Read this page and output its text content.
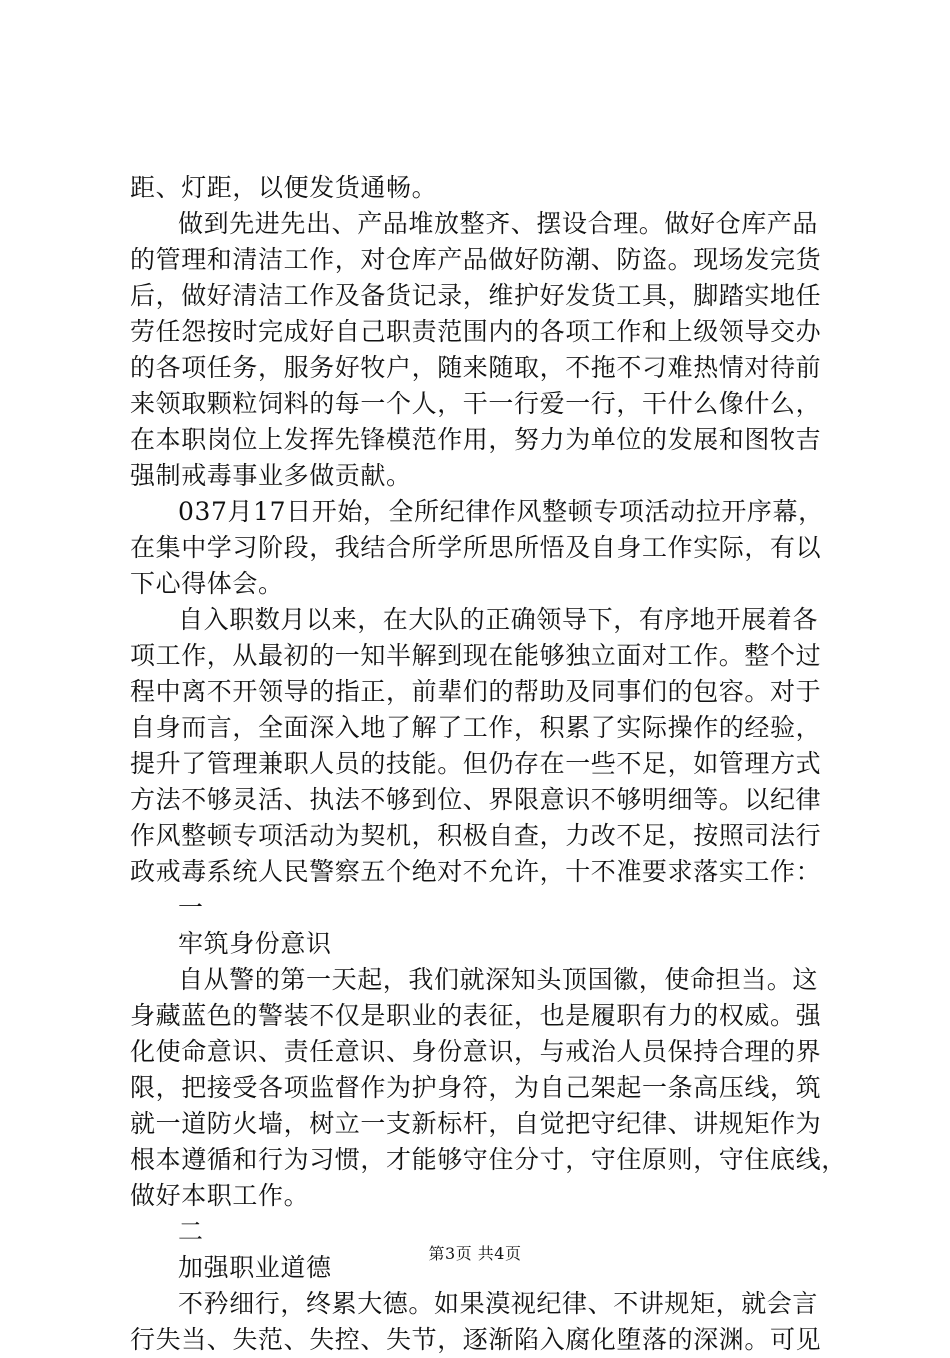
距、灯距，以便发货通畅。
做到先进先出、产品堆放整齐、摆设合理。做好仓库产品
的管理和清洁工作，对仓库产品做好防潮、防盗。现场发完货
后，做好清洁工作及备货记录，维护好发货工具，脚踏实地任
劳任怨按时完成好自己职责范围内的各项工作和上级领导交办
的各项任务，服务好牧户，随来随取，不拖不刁难热情对待前
来领取颗粒饲料的每一个人，干一行爱一行，干什么像什么，
在本职岗位上发挥先锋模范作用，努力为单位的发展和图牧吉
强制戒毒事业多做贡献。
037月17日开始，全所纪律作风整顿专项活动拉开序幕，
在集中学习阶段，我结合所学所思所悟及自身工作实际，有以
下心得体会。
自入职数月以来，在大队的正确领导下，有序地开展着各
项工作，从最初的一知半解到现在能够独立面对工作。整个过
程中离不开领导的指正，前辈们的帮助及同事们的包容。对于
自身而言，全面深入地了解了工作，积累了实际操作的经验，
提升了管理兼职人员的技能。但仍存在一些不足，如管理方式
方法不够灵活、执法不够到位、界限意识不够明细等。以纪律
作风整顿专项活动为契机，积极自查，力改不足，按照司法行
政戒毒系统人民警察五个绝对不允许，十不准要求落实工作：
一
牢筑身份意识
自从警的第一天起，我们就深知头顶国徽，使命担当。这
身藏蓝色的警装不仅是职业的表征，也是履职有力的权威。强
化使命意识、责任意识、身份意识，与戒治人员保持合理的界
限，把接受各项监督作为护身符，为自己架起一条高压线，筑
就一道防火墙，树立一支新标杆，自觉把守纪律、讲规矩作为
根本遵循和行为习惯，才能够守住分寸，守住原则，守住底线，
做好本职工作。
二
加强职业道德
不矜细行，终累大德。如果漠视纪律、不讲规矩，就会言
行失当、失范、失控、失节，逐渐陷入腐化堕落的深渊。可见
第3页 共4页
